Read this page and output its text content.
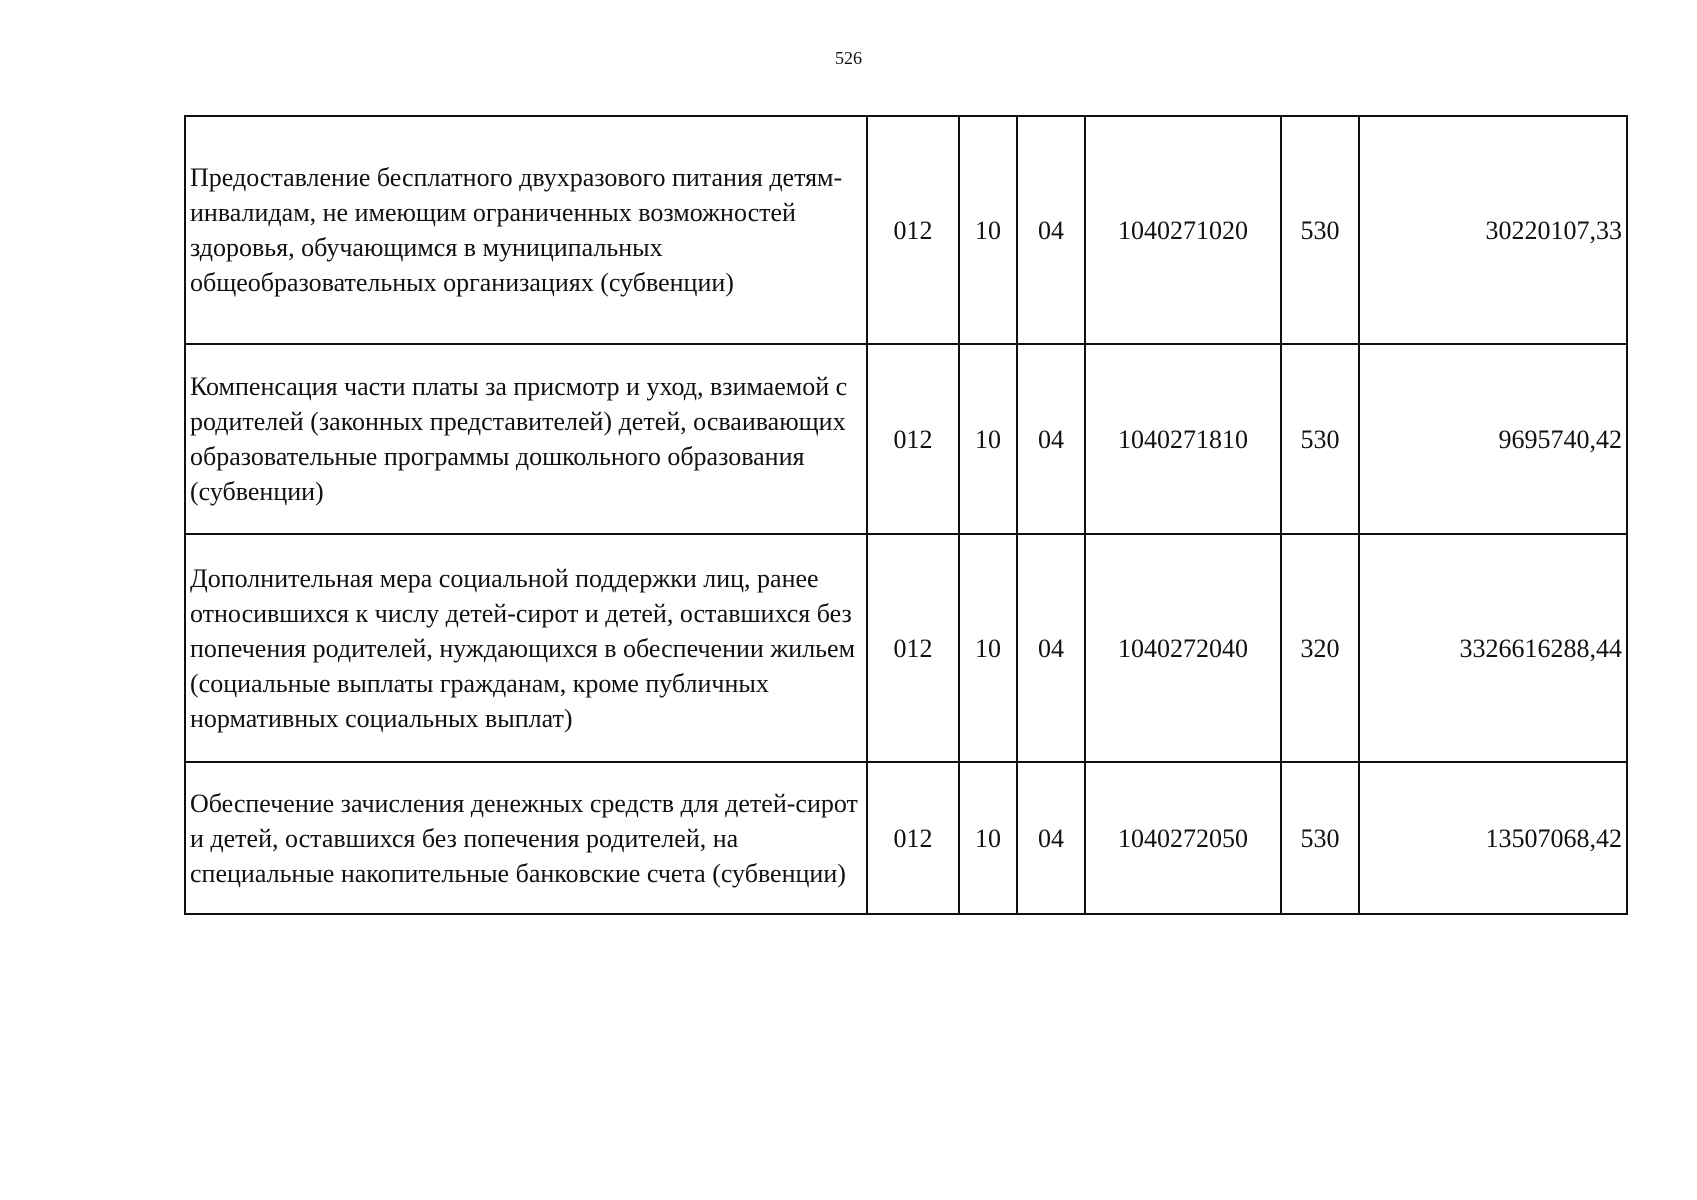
526
Предоставление бесплатного двухразового питания детям-инвалидам, не имеющим ограниченных возможностей здоровья, обучающимся в муниципальных общеобразовательных организациях (субвенции)	012	10	04	1040271020	530	30220107,33
Компенсация части платы за присмотр и уход, взимаемой с родителей (законных представителей) детей, осваивающих образовательные программы дошкольного образования (субвенции)	012	10	04	1040271810	530	9695740,42
Дополнительная мера социальной поддержки лиц, ранее относившихся к числу детей-сирот и детей, оставшихся без попечения родителей, нуждающихся в обеспечении жильем (социальные выплаты гражданам, кроме публичных нормативных социальных выплат)	012	10	04	1040272040	320	3326616288,44
Обеспечение зачисления денежных средств для детей-сирот и детей, оставшихся без попечения родителей, на специальные накопительные банковские счета (субвенции)	012	10	04	1040272050	530	13507068,42
